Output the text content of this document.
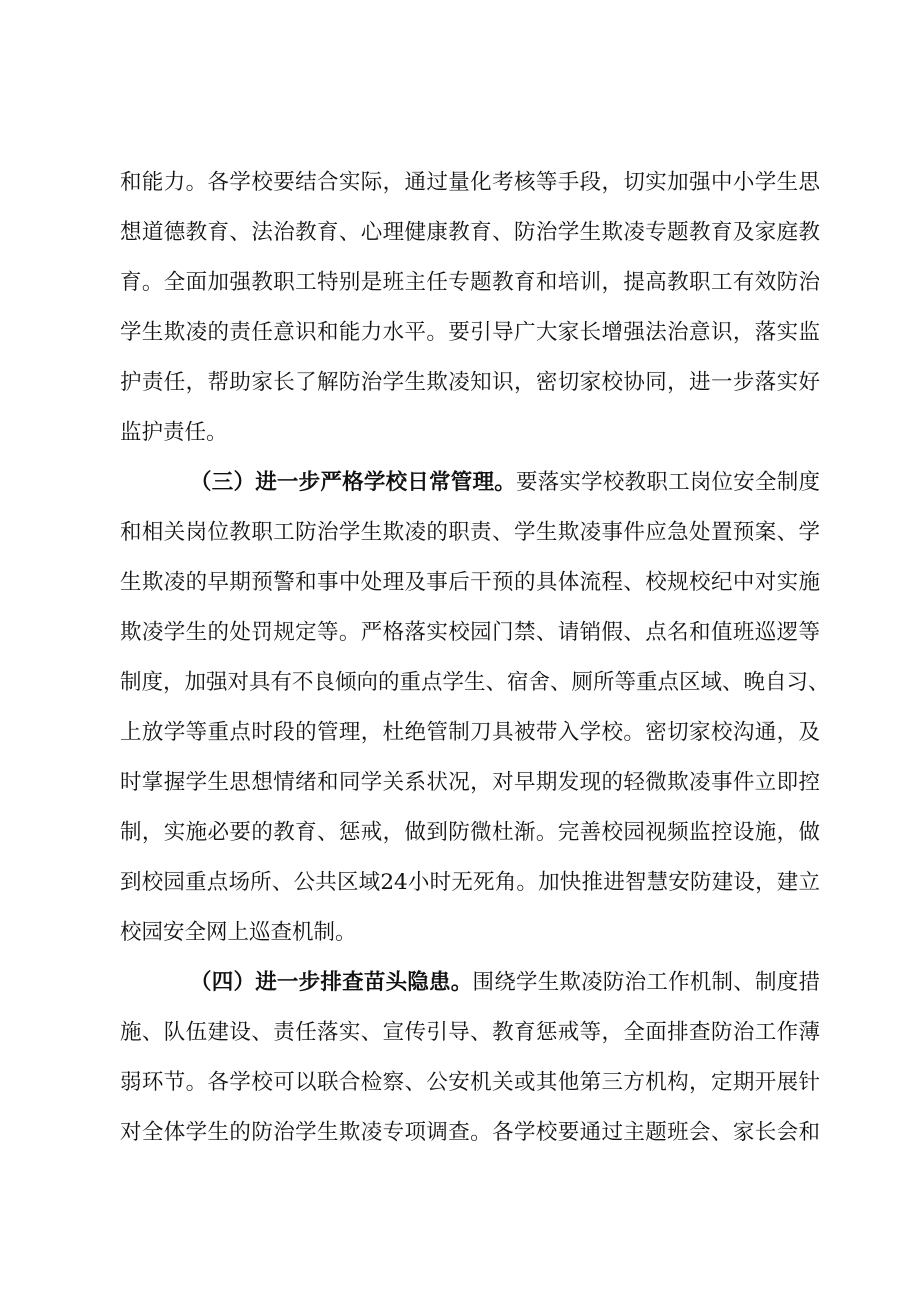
和能力。各学校要结合实际，通过量化考核等手段，切实加强中小学生思
想道德教育、法治教育、心理健康教育、防治学生欺凌专题教育及家庭教
育。全面加强教职工特别是班主任专题教育和培训，提高教职工有效防治
学生欺凌的责任意识和能力水平。要引导广大家长增强法治意识，落实监
护责任，帮助家长了解防治学生欺凌知识，密切家校协同，进一步落实好
监护责任。
（三）进一步严格学校日常管理。要落实学校教职工岗位安全制度
和相关岗位教职工防治学生欺凌的职责、学生欺凌事件应急处置预案、学
生欺凌的早期预警和事中处理及事后干预的具体流程、校规校纪中对实施
欺凌学生的处罚规定等。严格落实校园门禁、请销假、点名和值班巡逻等
制度，加强对具有不良倾向的重点学生、宿舍、厕所等重点区域、晚自习、
上放学等重点时段的管理，杜绝管制刀具被带入学校。密切家校沟通，及
时掌握学生思想情绪和同学关系状况，对早期发现的轻微欺凌事件立即控
制，实施必要的教育、惩戒，做到防微杜渐。完善校园视频监控设施，做
到校园重点场所、公共区域24小时无死角。加快推进智慧安防建设，建立
校园安全网上巡查机制。
（四）进一步排查苗头隐患。围绕学生欺凌防治工作机制、制度措
施、队伍建设、责任落实、宣传引导、教育惩戒等，全面排查防治工作薄
弱环节。各学校可以联合检察、公安机关或其他第三方机构，定期开展针
对全体学生的防治学生欺凌专项调查。各学校要通过主题班会、家长会和
